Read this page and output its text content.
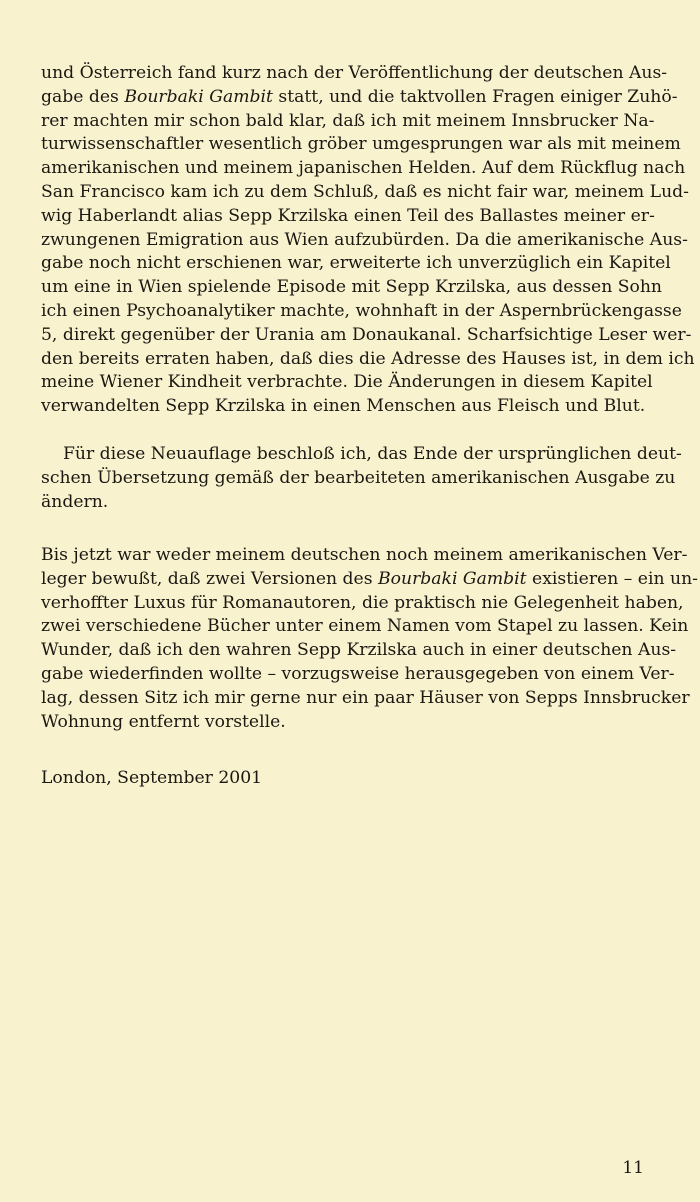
und Österreich fand kurz nach der Veröffentlichung der deutschen Aus-
gabe des Bourbaki Gambit statt, und die taktvollen Fragen einiger Zuhö-
rer machten mir schon bald klar, daß ich mit meinem Innsbrucker Na-
turwissenschaftler wesentlich gröber umgesprungen war als mit meinem
amerikanischen und meinem japanischen Helden. Auf dem Rückflug nach
San Francisco kam ich zu dem Schluß, daß es nicht fair war, meinem Lud-
wig Haberlandt alias Sepp Krzilska einen Teil des Ballastes meiner er-
zwungenen Emigration aus Wien aufzubürden. Da die amerikanische Aus-
gabe noch nicht erschienen war, erweiterte ich unverzüglich ein Kapitel
um eine in Wien spielende Episode mit Sepp Krzilska, aus dessen Sohn
ich einen Psychoanalytiker machte, wohnhaft in der Aspernbrückengasse
5, direkt gegenüber der Urania am Donaukanal. Scharfsichtige Leser wer-
den bereits erraten haben, daß dies die Adresse des Hauses ist, in dem ich
meine Wiener Kindheit verbrachte. Die Änderungen in diesem Kapitel
verwandelten Sepp Krzilska in einen Menschen aus Fleisch und Blut.
Für diese Neuauflage beschloß ich, das Ende der ursprünglichen deut-
schen Übersetzung gemäß der bearbeiteten amerikanischen Ausgabe zu
ändern.
Bis jetzt war weder meinem deutschen noch meinem amerikanischen Ver-
leger bewußt, daß zwei Versionen des Bourbaki Gambit existieren – ein un-
verhoffter Luxus für Romanautoren, die praktisch nie Gelegenheit haben,
zwei verschiedene Bücher unter einem Namen vom Stapel zu lassen. Kein
Wunder, daß ich den wahren Sepp Krzilska auch in einer deutschen Aus-
gabe wiederfinden wollte – vorzugsweise herausgegeben von einem Ver-
lag, dessen Sitz ich mir gerne nur ein paar Häuser von Sepps Innsbrucker
Wohnung entfernt vorstelle.
London, September 2001
11
